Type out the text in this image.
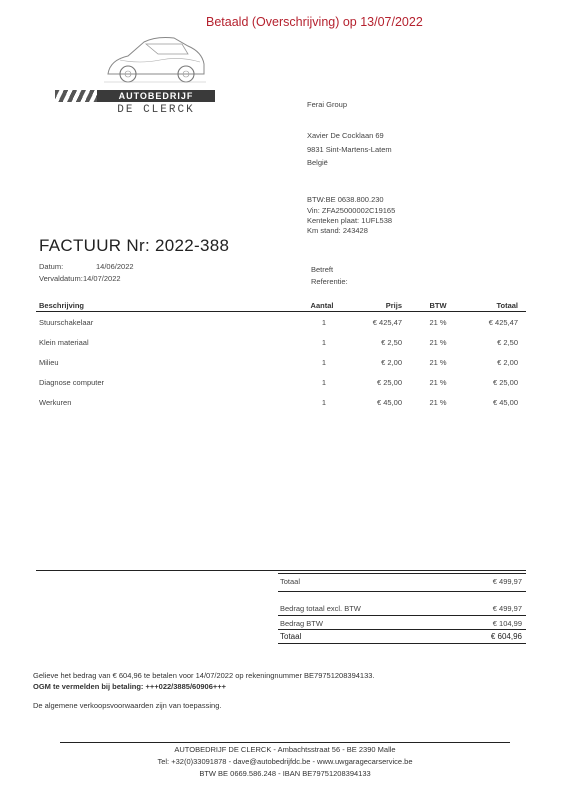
Betaald (Overschrijving) op 13/07/2022
AUTOBEDRIJF
DE CLERCK	Ferai Group
Xavier De Cocklaan 69
9831 Sint-Martens-Latem
België
BTW:BE 0638.800.230
Vin: ZFA25000002C19165
Kenteken plaat: 1UFL538
Km stand: 243428
FACTUUR Nr: 2022-388
Datum:	14/06/2022
Vervaldatum: 14/07/2022
Betreft
Referentie:
Beschrijving	Aantal	Prijs	BTW	Totaal
Stuurschakelaar	1	€ 425,47	21 %	€ 425,47
Klein materiaal	1	€ 2,50	21 %	€ 2,50
Milieu	1	€ 2,00	21 %	€ 2,00
Diagnose computer	1	€ 25,00	21 %	€ 25,00
Werkuren	1	€ 45,00	21 %	€ 45,00
Totaal	€ 499,97
Bedrag totaal excl. BTW	€ 499,97
Bedrag BTW	€ 104,99
Totaal	€ 604,96
Gelieve het bedrag van € 604,96 te betalen voor 14/07/2022 op rekeningnummer BE79751208394133.
OGM te vermelden bij betaling: +++022/3885/60906+++
De algemene verkoopsvoorwaarden zijn van toepassing.
AUTOBEDRIJF DE CLERCK - Ambachtsstraat 56 - BE 2390 Malle
Tel: +32(0)33091878 - dave@autobedrijfdc.be - www.uwgaragecarservice.be
BTW BE 0669.586.248 - IBAN BE79751208394133
